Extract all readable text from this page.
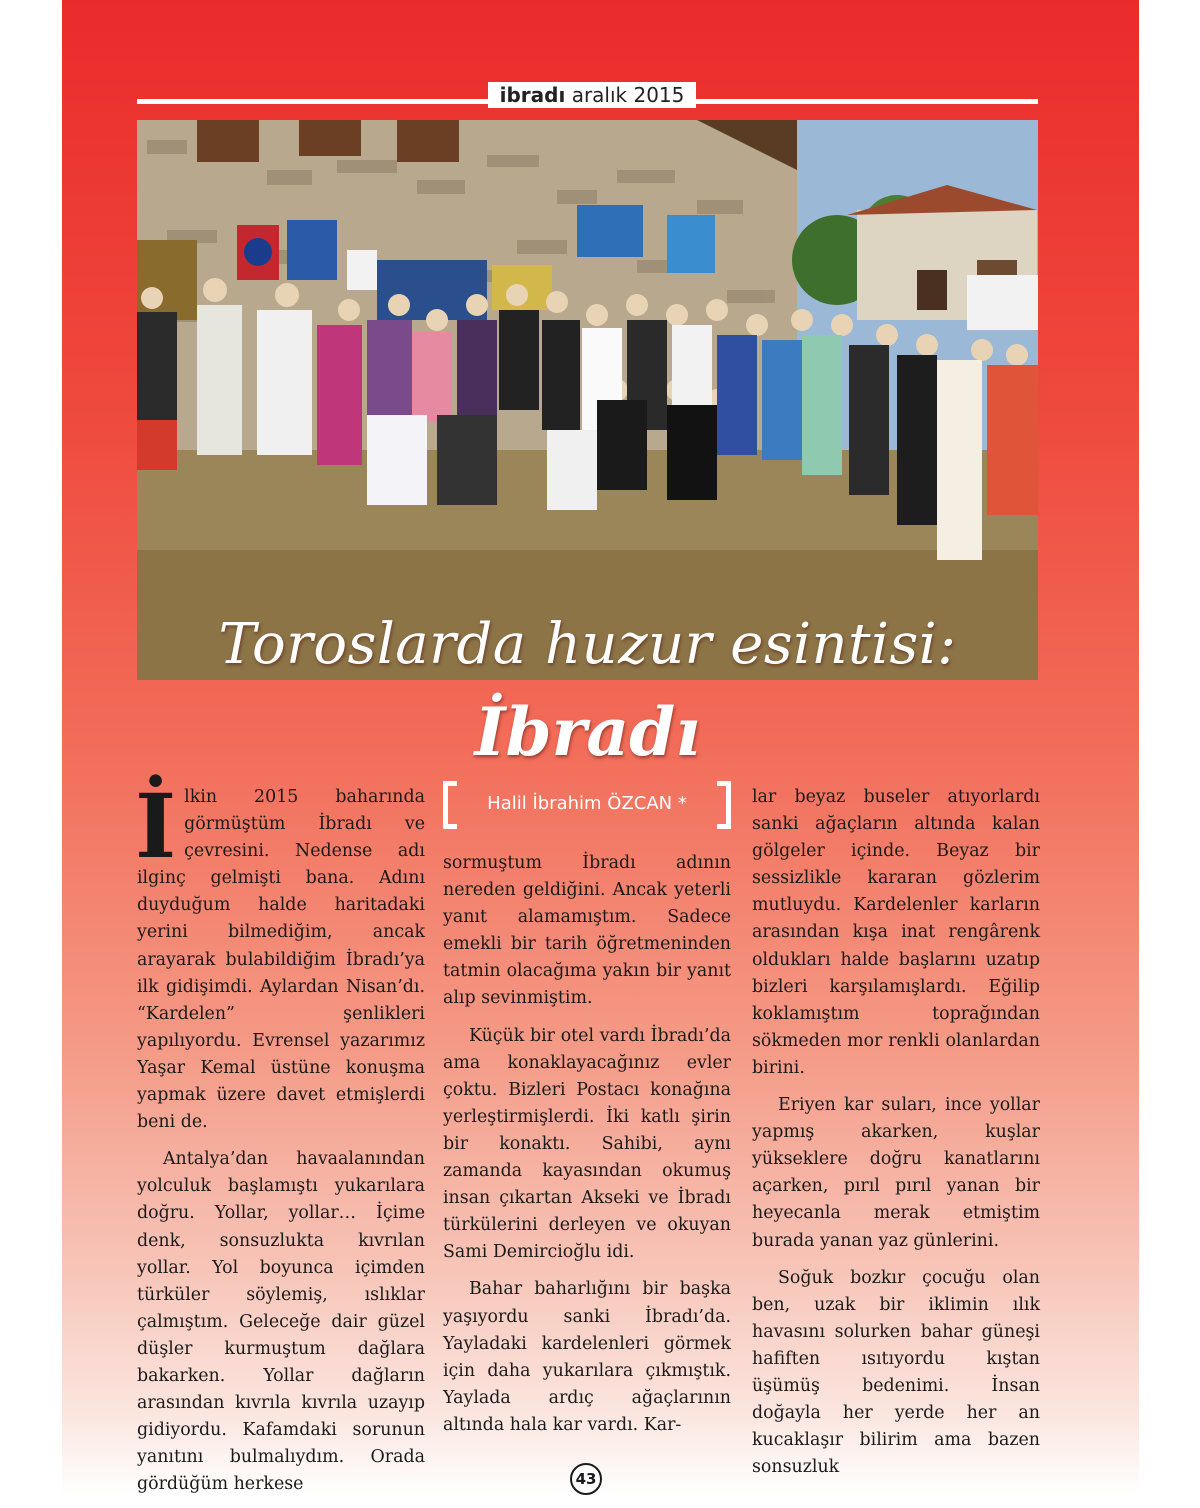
ibradı aralık 2015
Toroslarda huzur esintisi:
İbradı

İlkin 2015 baharında görmüştüm İbradı ve çevresini. Nedense adı ilginç gelmişti bana. Adını duyduğum halde haritadaki yerini bilmediğim, ancak arayarak bulabildiğim İbradı’ya ilk gidişimdi. Aylardan Nisan’dı. “Kardelen” şenlikleri yapılıyordu. Evrensel yazarımız Yaşar Kemal üstüne konuşma yapmak üzere davet etmişlerdi beni de.

Antalya’dan havaalanından yolculuk başlamıştı yukarılara doğru. Yollar, yollar… İçime denk, sonsuzlukta kıvrılan yollar. Yol boyunca içimden türküler söylemiş, ıslıklar çalmıştım. Geleceğe dair güzel düşler kurmuştum dağlara bakarken. Yollar dağların arasından kıvrıla kıvrıla uzayıp gidiyordu. Kafamdaki sorunun yanıtını bulmalıydım. Orada gördüğüm herkese

Halil İbrahim ÖZCAN *

sormuştum İbradı adının nereden geldiğini. Ancak yeterli yanıt alamamıştım. Sadece emekli bir tarih öğretmeninden tatmin olacağıma yakın bir yanıt alıp sevinmiştim.

Küçük bir otel vardı İbradı’da ama konaklayacağınız evler çoktu. Bizleri Postacı konağına yerleştirmişlerdi. İki katlı şirin bir konaktı. Sahibi, aynı zamanda kayasından okumuş insan çıkartan Akseki ve İbradı türkülerini derleyen ve okuyan Sami Demircioğlu idi.

Bahar baharlığını bir başka yaşıyordu sanki İbradı’da. Yayladaki kardelenleri görmek için daha yukarılara çıkmıştık. Yaylada ardıç ağaçlarının altında hala kar vardı. Kar-

lar beyaz buseler atıyorlardı sanki ağaçların altında kalan gölgeler içinde. Beyaz bir sessizlikle kararan gözlerim mutluydu. Kardelenler karların arasından kışa inat rengârenk oldukları halde başlarını uzatıp bizleri karşılamışlardı. Eğilip koklamıştım toprağından sökmeden mor renkli olanlardan birini.

Eriyen kar suları, ince yollar yapmış akarken, kuşlar yükseklere doğru kanatlarını açarken, pırıl pırıl yanan bir heyecanla merak etmiştim burada yanan yaz günlerini.

Soğuk bozkır çocuğu olan ben, uzak bir iklimin ılık havasını solurken bahar güneşi hafiften ısıtıyordu kıştan üşümüş bedenimi. İnsan doğayla her yerde her an kucaklaşır bilirim ama bazen sonsuzluk

43
